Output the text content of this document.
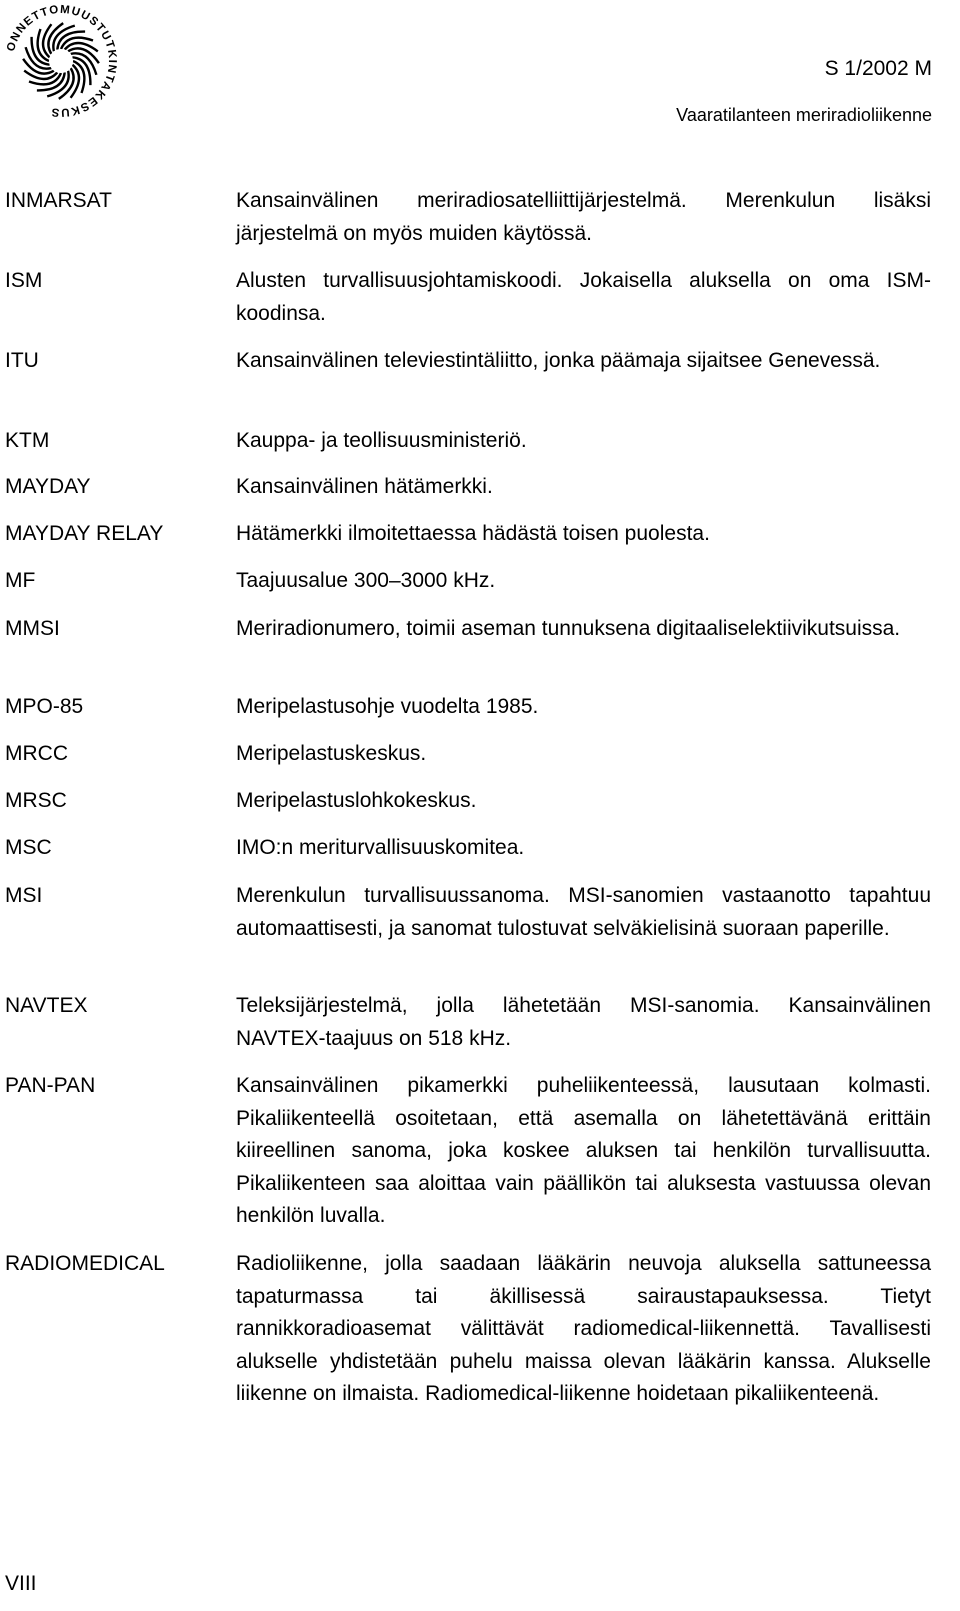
ONNETTOMUUSTUTKINTAKESKUS
S 1/2002 M
Vaaratilanteen meriradioliikenne
INMARSAT	Kansainvälinen meriradiosatelliittijärjestelmä. Merenkulun lisäksi järjestelmä on myös muiden käytössä.
ISM	Alusten turvallisuusjohtamiskoodi. Jokaisella aluksella on oma ISM-koodinsa.
ITU	Kansainvälinen televiestintäliitto, jonka päämaja sijaitsee Genevessä.
KTM	Kauppa- ja teollisuusministeriö.
MAYDAY	Kansainvälinen hätämerkki.
MAYDAY RELAY	Hätämerkki ilmoitettaessa hädästä toisen puolesta.
MF	Taajuusalue 300–3000 kHz.
MMSI	Meriradionumero, toimii aseman tunnuksena digitaaliselektiivikutsuissa.
MPO-85	Meripelastusohje vuodelta 1985.
MRCC	Meripelastuskeskus.
MRSC	Meripelastuslohkokeskus.
MSC	IMO:n meriturvallisuuskomitea.
MSI	Merenkulun turvallisuussanoma. MSI-sanomien vastaanotto tapahtuu automaattisesti, ja sanomat tulostuvat selväkielisinä suoraan paperille.
NAVTEX	Teleksijärjestelmä, jolla lähetetään MSI-sanomia. Kansainvälinen NAVTEX-taajuus on 518 kHz.
PAN-PAN	Kansainvälinen pikamerkki puheliikenteessä, lausutaan kolmasti. Pikaliikenteellä osoitetaan, että asemalla on lähetettävänä erittäin kiireellinen sanoma, joka koskee aluksen tai henkilön turvallisuutta. Pikaliikenteen saa aloittaa vain päällikön tai aluksesta vastuussa olevan henkilön luvalla.
RADIOMEDICAL	Radioliikenne, jolla saadaan lääkärin neuvoja aluksella sattuneessa tapaturmassa tai äkillisessä sairaustapauksessa. Tietyt rannikkoradioasemat välittävät radiomedical-liikennettä. Tavallisesti alukselle yhdistetään puhelu maissa olevan lääkärin kanssa. Alukselle liikenne on ilmaista. Radiomedical-liikenne hoidetaan pikaliikenteenä.
VIII
